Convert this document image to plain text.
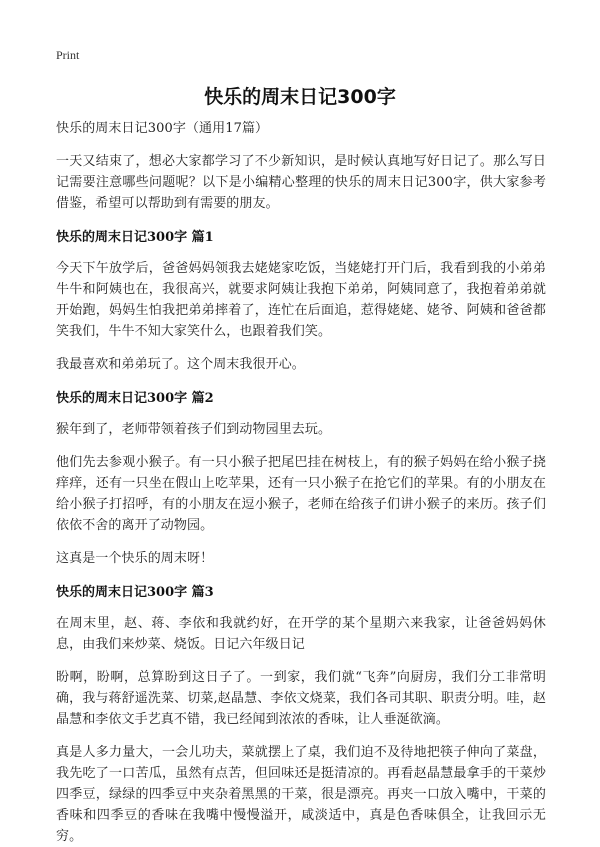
Print
快乐的周末日记300字

快乐的周末日记300字（通用17篇）

一天又结束了，想必大家都学习了不少新知识，是时候认真地写好日记了。那么写日记需要注意哪些问题呢？以下是小编精心整理的快乐的周末日记300字，供大家参考借鉴，希望可以帮助到有需要的朋友。

快乐的周末日记300字 篇1

今天下午放学后，爸爸妈妈领我去姥姥家吃饭，当姥姥打开门后，我看到我的小弟弟牛牛和阿姨也在，我很高兴，就要求阿姨让我抱下弟弟，阿姨同意了，我抱着弟弟就开始跑，妈妈生怕我把弟弟摔着了，连忙在后面追，惹得姥姥、姥爷、阿姨和爸爸都笑我们，牛牛不知大家笑什么，也跟着我们笑。

我最喜欢和弟弟玩了。这个周末我很开心。

快乐的周末日记300字 篇2

猴年到了，老师带领着孩子们到动物园里去玩。

他们先去参观小猴子。有一只小猴子把尾巴挂在树枝上，有的猴子妈妈在给小猴子挠痒痒，还有一只坐在假山上吃苹果，还有一只小猴子在抢它们的苹果。有的小朋友在给小猴子打招呼，有的小朋友在逗小猴子，老师在给孩子们讲小猴子的来历。孩子们依依不舍的离开了动物园。

这真是一个快乐的周末呀！

快乐的周末日记300字 篇3

在周末里，赵、蒋、李依和我就约好，在开学的某个星期六来我家，让爸爸妈妈休息，由我们来炒菜、烧饭。日记六年级日记

盼啊，盼啊，总算盼到这日子了。一到家，我们就“飞奔”向厨房，我们分工非常明确，我与蒋舒遥洗菜、切菜,赵晶慧、李依文烧菜，我们各司其职、职责分明。哇，赵晶慧和李依文手艺真不错，我已经闻到浓浓的香味，让人垂涎欲滴。

真是人多力量大，一会儿功夫，菜就摆上了桌，我们迫不及待地把筷子伸向了菜盘，我先吃了一口苦瓜，虽然有点苦，但回味还是挺清凉的。再看赵晶慧最拿手的干菜炒四季豆，绿绿的四季豆中夹杂着黑黑的干菜，很是漂亮。再夹一口放入嘴中，干菜的香味和四季豆的香味在我嘴中慢慢溢开，咸淡适中，真是色香味俱全，让我回示无穷。
